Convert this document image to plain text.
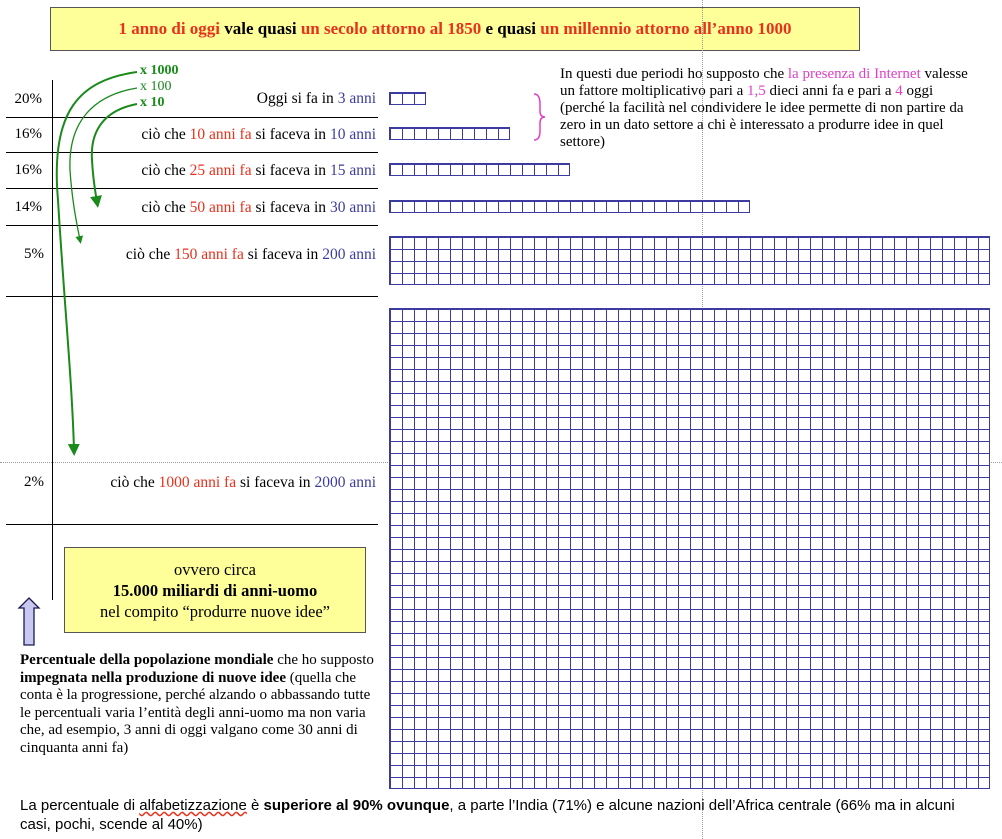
1 anno di oggi vale quasi un secolo attorno al 1850 e quasi un millennio attorno all’anno 1000
20%
16%
16%
14%
5%
2%
Oggi si fa in 3 anni
ciò che 10 anni fa si faceva in 10 anni
ciò che 25 anni fa si faceva in 15 anni
ciò che 50 anni fa si faceva in 30 anni
ciò che 150 anni fa si faceva in 200 anni
ciò che 1000 anni fa si faceva in 2000 anni
x 1000
x 100
x 10
In questi due periodi ho supposto che la presenza di Internet valesse un fattore moltiplicativo pari a 1,5 dieci anni fa e pari a 4 oggi (perché la facilità nel condividere le idee permette di non partire da zero in un dato settore a chi è interessato a produrre idee in quel settore)
ovvero circa
15.000 miliardi di anni-uomo
nel compito “produrre nuove idee”
Percentuale della popolazione mondiale che ho supposto impegnata nella produzione di nuove idee (quella che conta è la progressione, perché alzando o abbassando tutte le percentuali varia l’entità degli anni-uomo ma non varia che, ad esempio, 3 anni di oggi valgano come 30 anni di cinquanta anni fa)
La percentuale di alfabetizzazione è superiore al 90% ovunque, a parte l’India (71%) e alcune nazioni dell’Africa centrale (66% ma in alcuni casi, pochi, scende al 40%)
